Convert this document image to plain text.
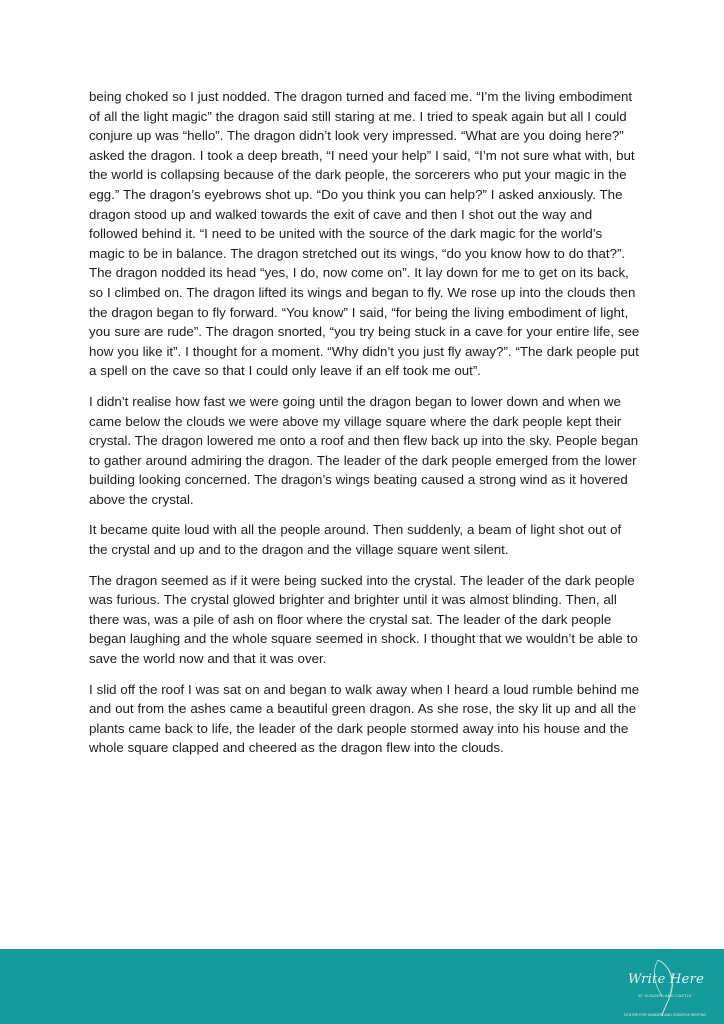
being choked so I just nodded. The dragon turned and faced me. “I’m the living embodiment of all the light magic” the dragon said still staring at me. I tried to speak again but all I could conjure up was “hello”. The dragon didn’t look very impressed. “What are you doing here?” asked the dragon. I took a deep breath, “I need your help” I said, “I’m not sure what with, but the world is collapsing because of the dark people, the sorcerers who put your magic in the egg.” The dragon’s eyebrows shot up. “Do you think you can help?” I asked anxiously. The dragon stood up and walked towards the exit of cave and then I shot out the way and followed behind it. “I need to be united with the source of the dark magic for the world’s magic to be in balance. The dragon stretched out its wings, “do you know how to do that?”. The dragon nodded its head “yes, I do, now come on”. It lay down for me to get on its back, so I climbed on. The dragon lifted its wings and began to fly. We rose up into the clouds then the dragon began to fly forward. “You know” I said, “for being the living embodiment of light, you sure are rude”. The dragon snorted, “you try being stuck in a cave for your entire life, see how you like it”. I thought for a moment. “Why didn’t you just fly away?”. “The dark people put a spell on the cave so that I could only leave if an elf took me out”.

I didn’t realise how fast we were going until the dragon began to lower down and when we came below the clouds we were above my village square where the dark people kept their crystal. The dragon lowered me onto a roof and then flew back up into the sky. People began to gather around admiring the dragon. The leader of the dark people emerged from the lower building looking concerned. The dragon’s wings beating caused a strong wind as it hovered above the crystal.

It became quite loud with all the people around. Then suddenly, a beam of light shot out of the crystal and up and to the dragon and the village square went silent.

The dragon seemed as if it were being sucked into the crystal. The leader of the dark people was furious. The crystal glowed brighter and brighter until it was almost blinding. Then, all there was, was a pile of ash on floor where the crystal sat. The leader of the dark people began laughing and the whole square seemed in shock. I thought that we wouldn’t be able to save the world now and that it was over.

I slid off the roof I was sat on and began to walk away when I heard a loud rumble behind me and out from the ashes came a beautiful green dragon. As she rose, the sky lit up and all the plants came back to life, the leader of the dark people stormed away into his house and the whole square clapped and cheered as the dragon flew into the clouds.

Write Here
AT SUNDERLAND CASTLE
CENTRE FOR SUNDERLAND CREATIVE WRITING
